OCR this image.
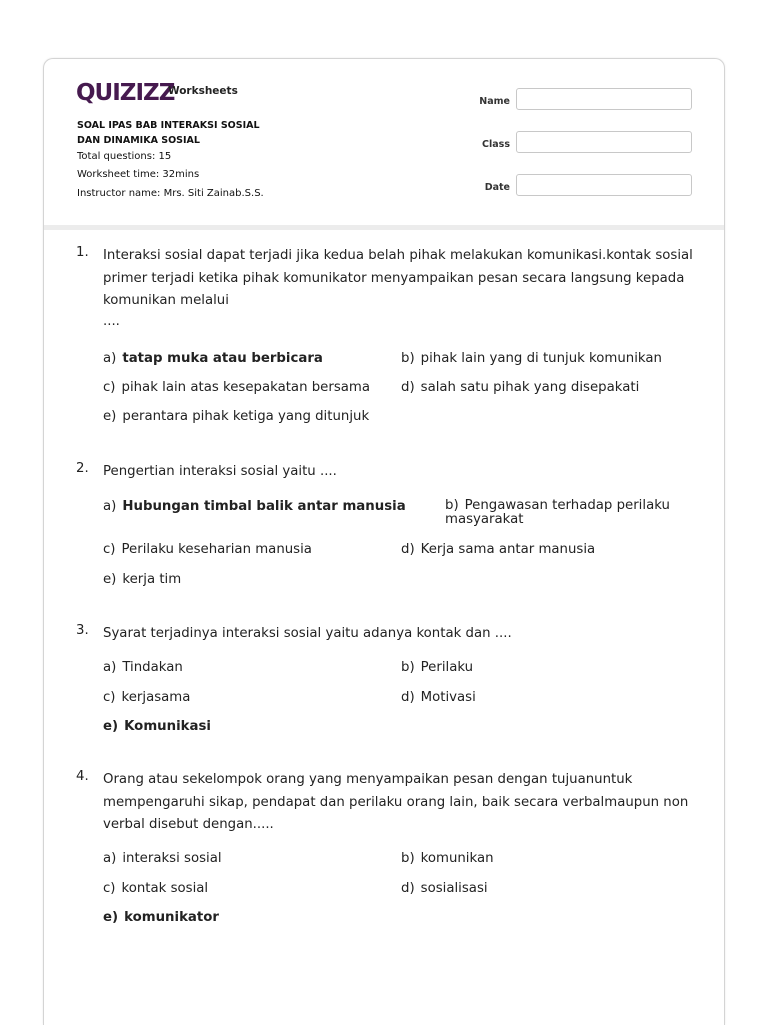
QUIZIZZ
Worksheets
SOAL IPAS BAB INTERAKSI SOSIAL
DAN DINAMIKA SOSIAL
Total questions: 15
Worksheet time: 32mins
Instructor name: Mrs. Siti Zainab.S.S.
Name
Class
Date
1. Interaksi sosial dapat terjadi jika kedua belah pihak melakukan komunikasi.kontak sosial primer terjadi ketika pihak komunikator menyampaikan pesan secara langsung kepada komunikan melalui
....
a) tatap muka atau berbicara	b) pihak lain yang di tunjuk komunikan
c) pihak lain atas kesepakatan bersama d) salah satu pihak yang disepakati
e) perantara pihak ketiga yang ditunjuk
2. Pengertian interaksi sosial yaitu ....
a) Hubungan timbal balik antar manusia	b) Pengawasan terhadap perilaku masyarakat
c) Perilaku keseharian manusia	d) Kerja sama antar manusia
e) kerja tim
3. Syarat terjadinya interaksi sosial yaitu adanya kontak dan ....
a) Tindakan	b) Perilaku
c) kerjasama	d) Motivasi
e) Komunikasi
4. Orang atau sekelompok orang yang menyampaikan pesan dengan tujuanuntuk mempengaruhi sikap, pendapat dan perilaku orang lain, baik secara verbalmaupun non verbal disebut dengan.....
a) interaksi sosial	b) komunikan
c) kontak sosial	d) sosialisasi
e) komunikator
